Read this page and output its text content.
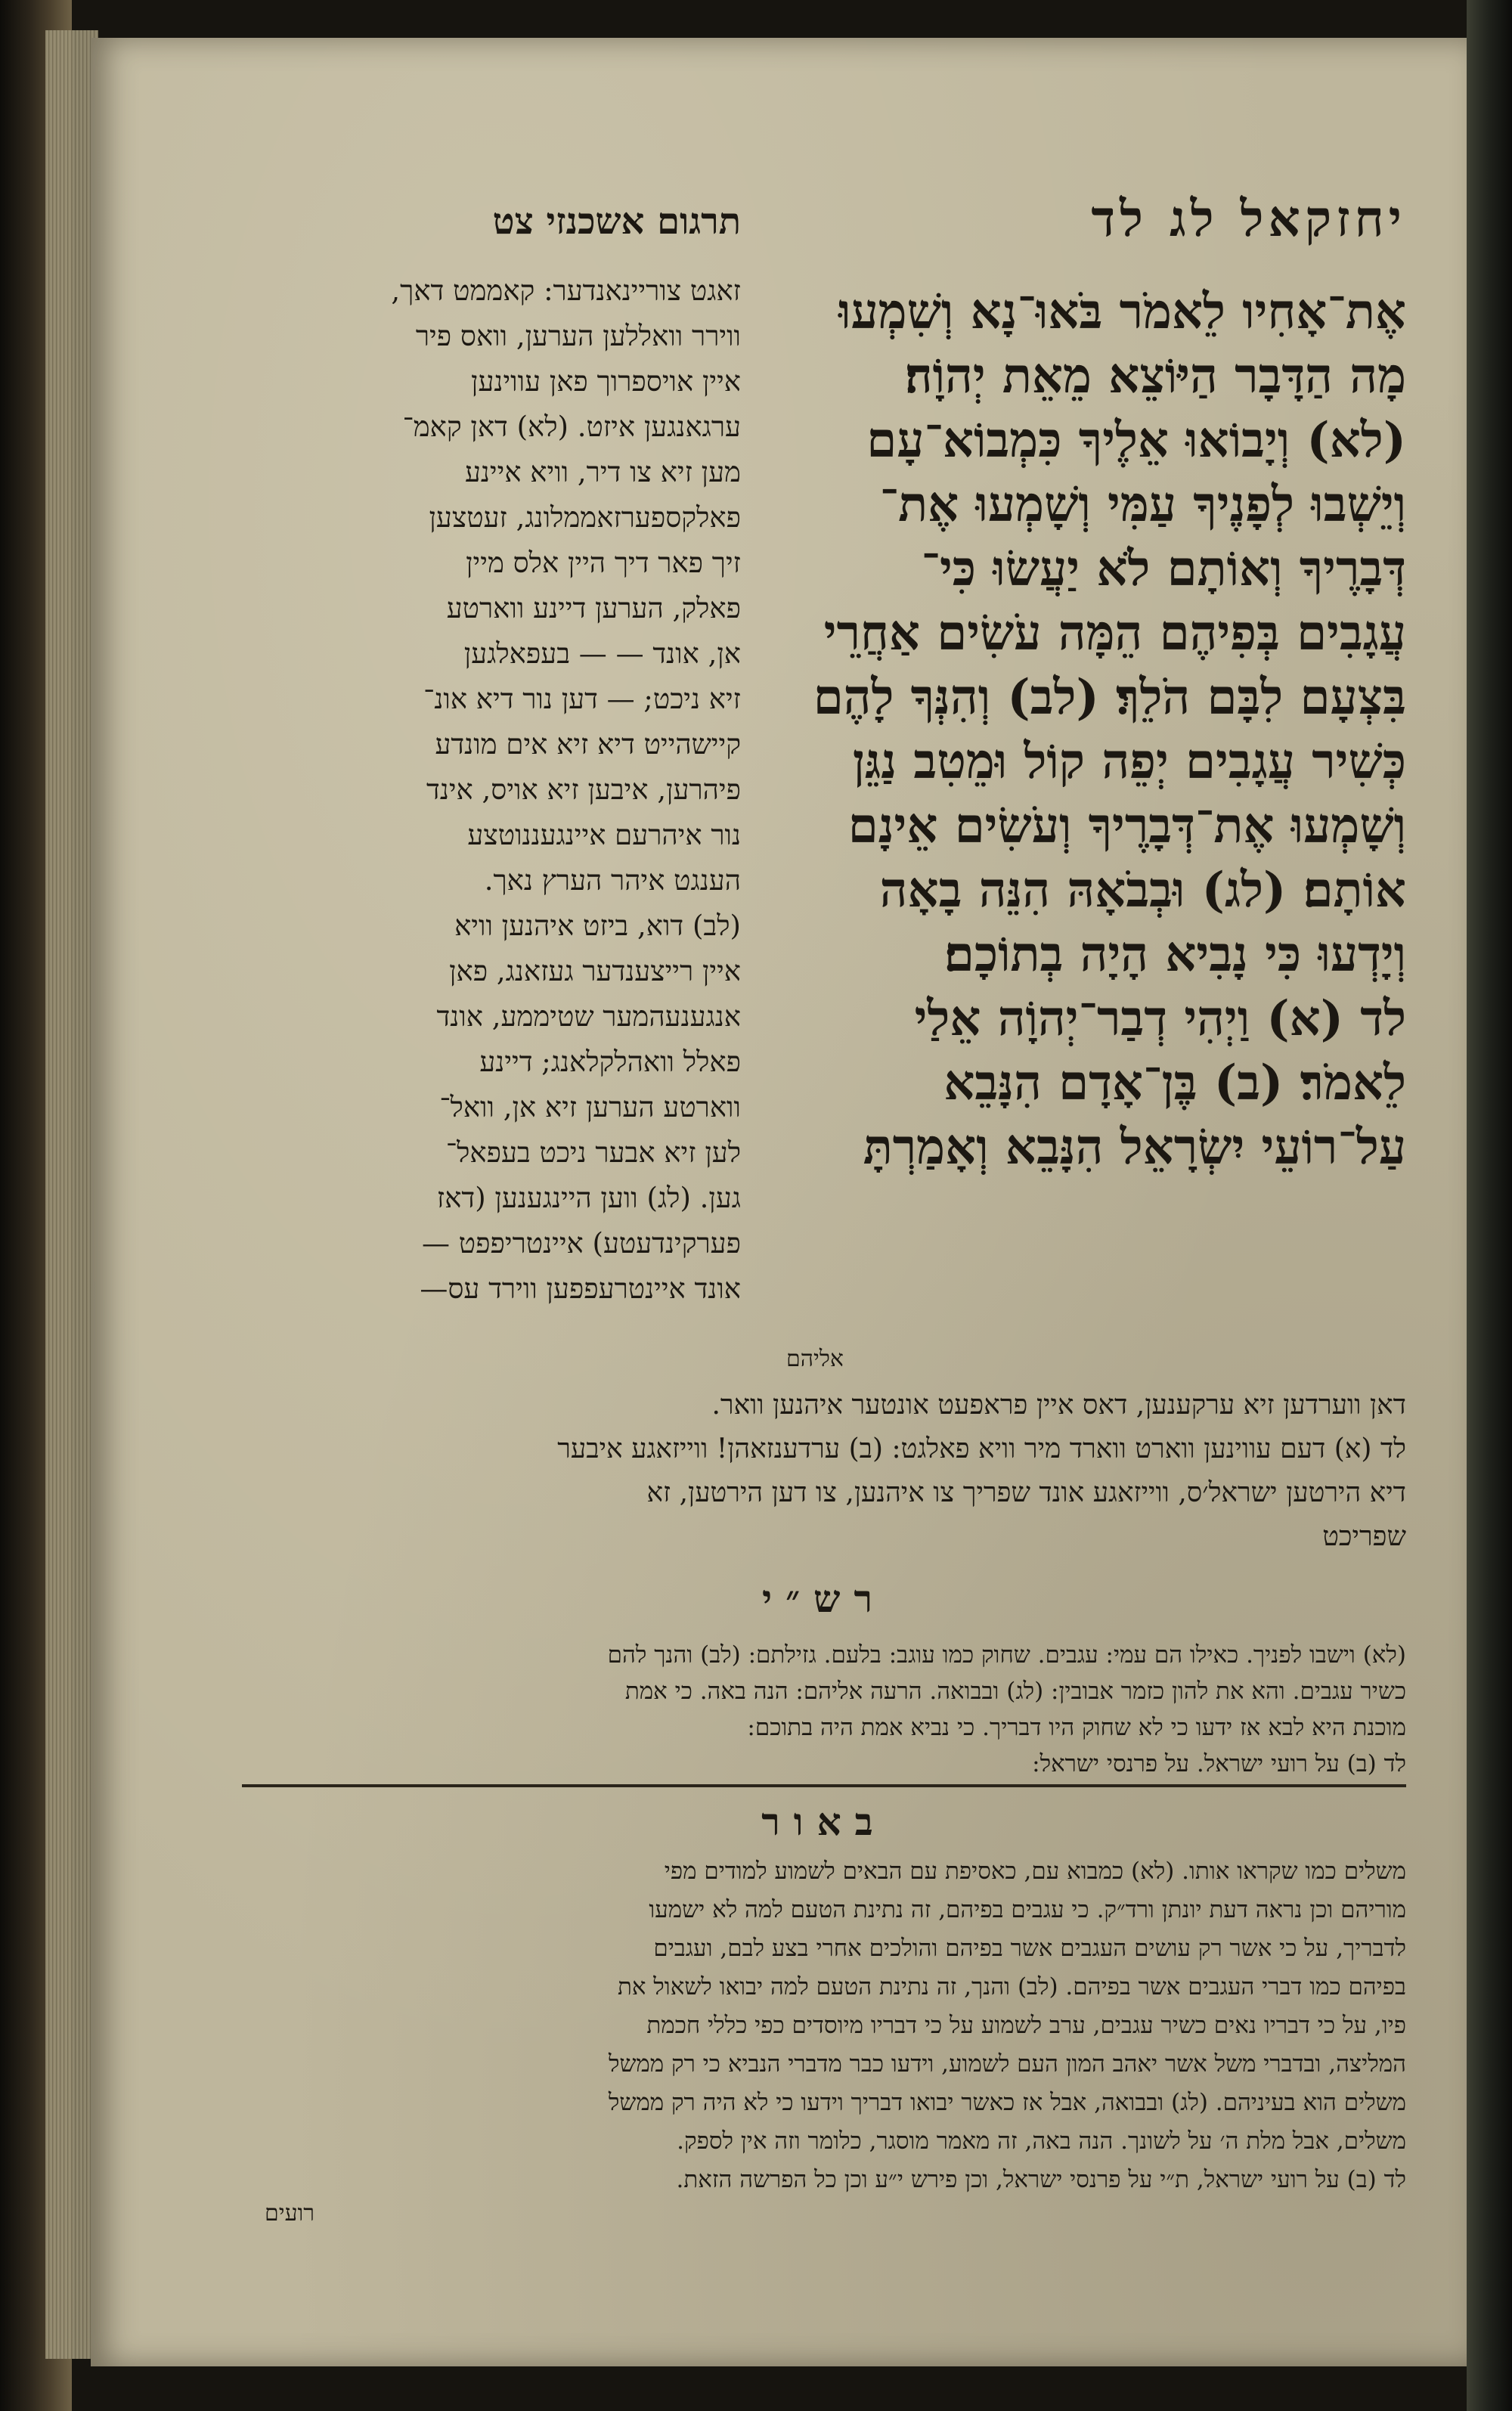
יחזקאל לג לד
תרגום אשכנזי צט
אֶת־אָחִיו לֵאמֹר בֹּאוּ־נָא וְשִׁמְעוּ
מָה הַדָּבָר הַיּוֹצֵא מֵאֵת יְהוָֹה׃
(לא) וְיָבוֹאוּ אֵלֶיךָ כִּמְבוֹא־עָם
וְיֵשְׁבוּ לְפָנֶיךָ עַמִּי וְשָׁמְעוּ אֶת־
דְּבָרֶיךָ וְאוֹתָם לֹא יַעֲשׂוּ כִּי־
עֲגָבִים בְּפִיהֶם הֵמָּה עֹשִׂים אַחֲרֵי
בִּצְעָם לִבָּם הֹלֵךְ׃ (לב) וְהִנְּךָ לָהֶם
כְּשִׁיר עֲגָבִים יְפֵה קוֹל וּמֵטִב נַגֵּן
וְשָׁמְעוּ אֶת־דְּבָרֶיךָ וְעֹשִׂים אֵינָם
אוֹתָם׃ (לג) וּבְבֹאָהּ הִנֵּה בָאָה
וְיָדְעוּ כִּי נָבִיא הָיָה בְתוֹכָם׃
לד (א) וַיְהִי דְבַר־יְהוָֹה אֵלַי
לֵאמֹר׃ (ב) בֶּן־אָדָם הִנָּבֵא
עַל־רוֹעֵי יִשְׂרָאֵל הִנָּבֵא וְאָמַרְתָּ
זאגט צוריינאנדער: קאממט דאך,
ווירר וואללען הערען, וואס פיר
איין אויספרוך פאן עווינען
ערגאנגען איזט. (לא) דאן קאמ־
מען זיא צו דיר, וויא איינע
פאלקספערזאממלונג, זעטצען
זיך פאר דיך היין אלס מיין
פאלק, הערען דיינע ווארטע
אן, אונד — — בעפאלגען
זיא ניכט; — דען נור דיא אונ־
קיישהייט דיא זיא אים מונדע
פיהרען, איבען זיא אויס, אינד
נור איהרעם איינגעננוטצע
הענגט איהר הערץ נאך.
(לב) דוא, ביזט איהנען וויא
איין רייצענדער געזאנג, פאן
אנגענעהמער שטיממע, אונד
פאלל וואהלקלאנג; דיינע
ווארטע הערען זיא אן, וואל־
לען זיא אבער ניכט בעפאל־
גען. (לג) ווען היינגענען (דאז
פערקינדעטע) איינטריפפט —
אונד איינטרעפפען ווירד עס—
אליהם
דאן ווערדען זיא ערקענען, דאס איין פראפעט אונטער איהנען וואר.
לד (א) דעם עווינען ווארט ווארד מיר וויא פאלגט: (ב) ערדענזאהן! ווייזאגע איבער
דיא הירטען ישראל׳ס, ווייזאגע אונד שפריך צו איהנען, צו דען הירטען, זא
שפריכט
רש״י
(לא) וישבו לפניך. כאילו הם עמי: עגבים. שחוק כמו עוגב: בלעם. גזילתם: (לב) והנך להם
כשיר עגבים. והא את להון כזמר אבובין: (לג) ובבואה. הרעה אליהם: הנה באה. כי אמת
מוכנת היא לבא אז ידעו כי לא שחוק היו דבריך. כי נביא אמת היה בתוכם:
לד (ב) על רועי ישראל. על פרנסי ישראל:
באור
משלים כמו שקראו אותו. (לא) כמבוא עם, כאסיפת עם הבאים לשמוע למודים מפי
מוריהם וכן נראה דעת יונתן ורד״ק. כי עגבים בפיהם, זה נתינת הטעם למה לא ישמעו
לדבריך, על כי אשר רק עושים העגבים אשר בפיהם והולכים אחרי בצע לבם, ועגבים
בפיהם כמו דברי העגבים אשר בפיהם. (לב) והנך, זה נתינת הטעם למה יבואו לשאול את
פיו, על כי דבריו נאים כשיר עגבים, ערב לשמוע על כי דבריו מיוסדים כפי כללי חכמת
המליצה, ובדברי משל אשר יאהב המון העם לשמוע, וידעו כבר מדברי הנביא כי רק ממשל
משלים הוא בעיניהם. (לג) ובבואה, אבל אז כאשר יבואו דבריך וידעו כי לא היה רק ממשל
משלים, אבל מלת ה׳ על לשונך. הנה באה, זה מאמר מוסגר, כלומר וזה אין לספק.
לד (ב) על רועי ישראל, ת״י על פרנסי ישראל, וכן פירש י״ע וכן כל הפרשה הזאת.
רועים
